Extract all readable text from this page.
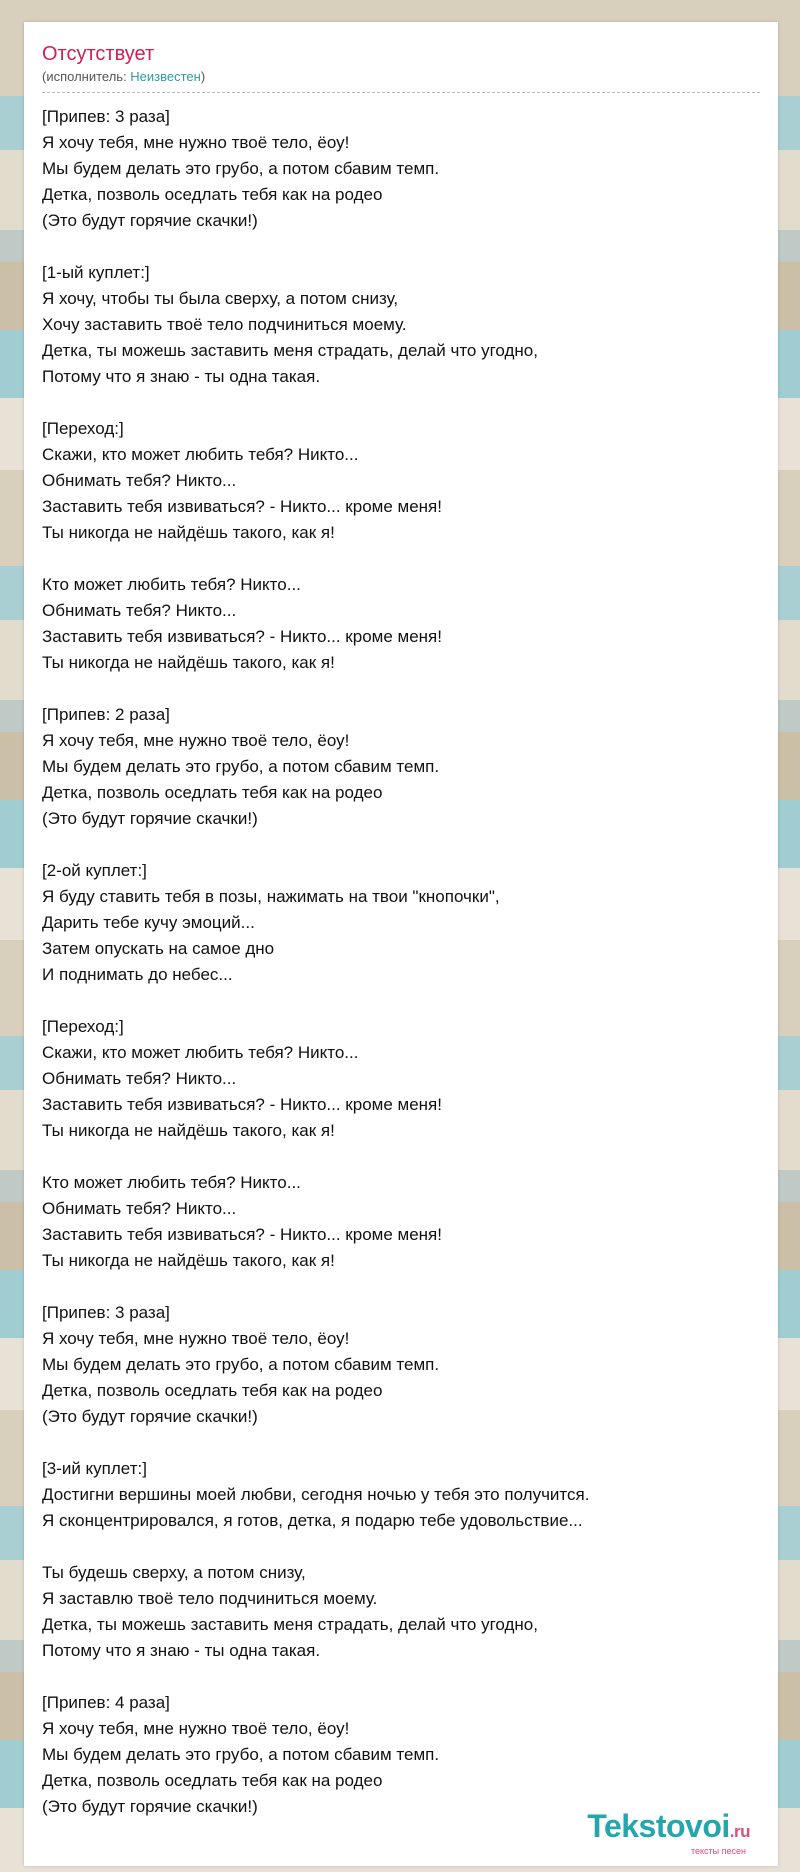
Отсутствует
(исполнитель: Неизвестен)
[Припев: 3 раза]
Я хочу тебя, мне нужно твоё тело, ёоу!
Мы будем делать это грубо, а потом сбавим темп.
Детка, позволь оседлать тебя как на родео
(Это будут горячие скачки!)
[1-ый куплет:]
Я хочу, чтобы ты была сверху, а потом снизу,
Хочу заставить твоё тело подчиниться моему.
Детка, ты можешь заставить меня страдать, делай что угодно,
Потому что я знаю - ты одна такая.
[Переход:]
Скажи, кто может любить тебя? Никто...
Обнимать тебя? Никто...
Заставить тебя извиваться? - Никто... кроме меня!
Ты никогда не найдёшь такого, как я!
Кто может любить тебя? Никто...
Обнимать тебя? Никто...
Заставить тебя извиваться? - Никто... кроме меня!
Ты никогда не найдёшь такого, как я!
[Припев: 2 раза]
Я хочу тебя, мне нужно твоё тело, ёоу!
Мы будем делать это грубо, а потом сбавим темп.
Детка, позволь оседлать тебя как на родео
(Это будут горячие скачки!)
[2-ой куплет:]
Я буду ставить тебя в позы, нажимать на твои "кнопочки",
Дарить тебе кучу эмоций...
Затем опускать на самое дно
И поднимать до небес...
[Переход:]
Скажи, кто может любить тебя? Никто...
Обнимать тебя? Никто...
Заставить тебя извиваться? - Никто... кроме меня!
Ты никогда не найдёшь такого, как я!
Кто может любить тебя? Никто...
Обнимать тебя? Никто...
Заставить тебя извиваться? - Никто... кроме меня!
Ты никогда не найдёшь такого, как я!
[Припев: 3 раза]
Я хочу тебя, мне нужно твоё тело, ёоу!
Мы будем делать это грубо, а потом сбавим темп.
Детка, позволь оседлать тебя как на родео
(Это будут горячие скачки!)
[3-ий куплет:]
Достигни вершины моей любви, сегодня ночью у тебя это получится.
Я сконцентрировался, я готов, детка, я подарю тебе удовольствие...
Ты будешь сверху, а потом снизу,
Я заставлю твоё тело подчиниться моему.
Детка, ты можешь заставить меня страдать, делай что угодно,
Потому что я знаю - ты одна такая.
[Припев: 4 раза]
Я хочу тебя, мне нужно твоё тело, ёоу!
Мы будем делать это грубо, а потом сбавим темп.
Детка, позволь оседлать тебя как на родео
(Это будут горячие скачки!)
Tekstovoi.ru
тексты песен
